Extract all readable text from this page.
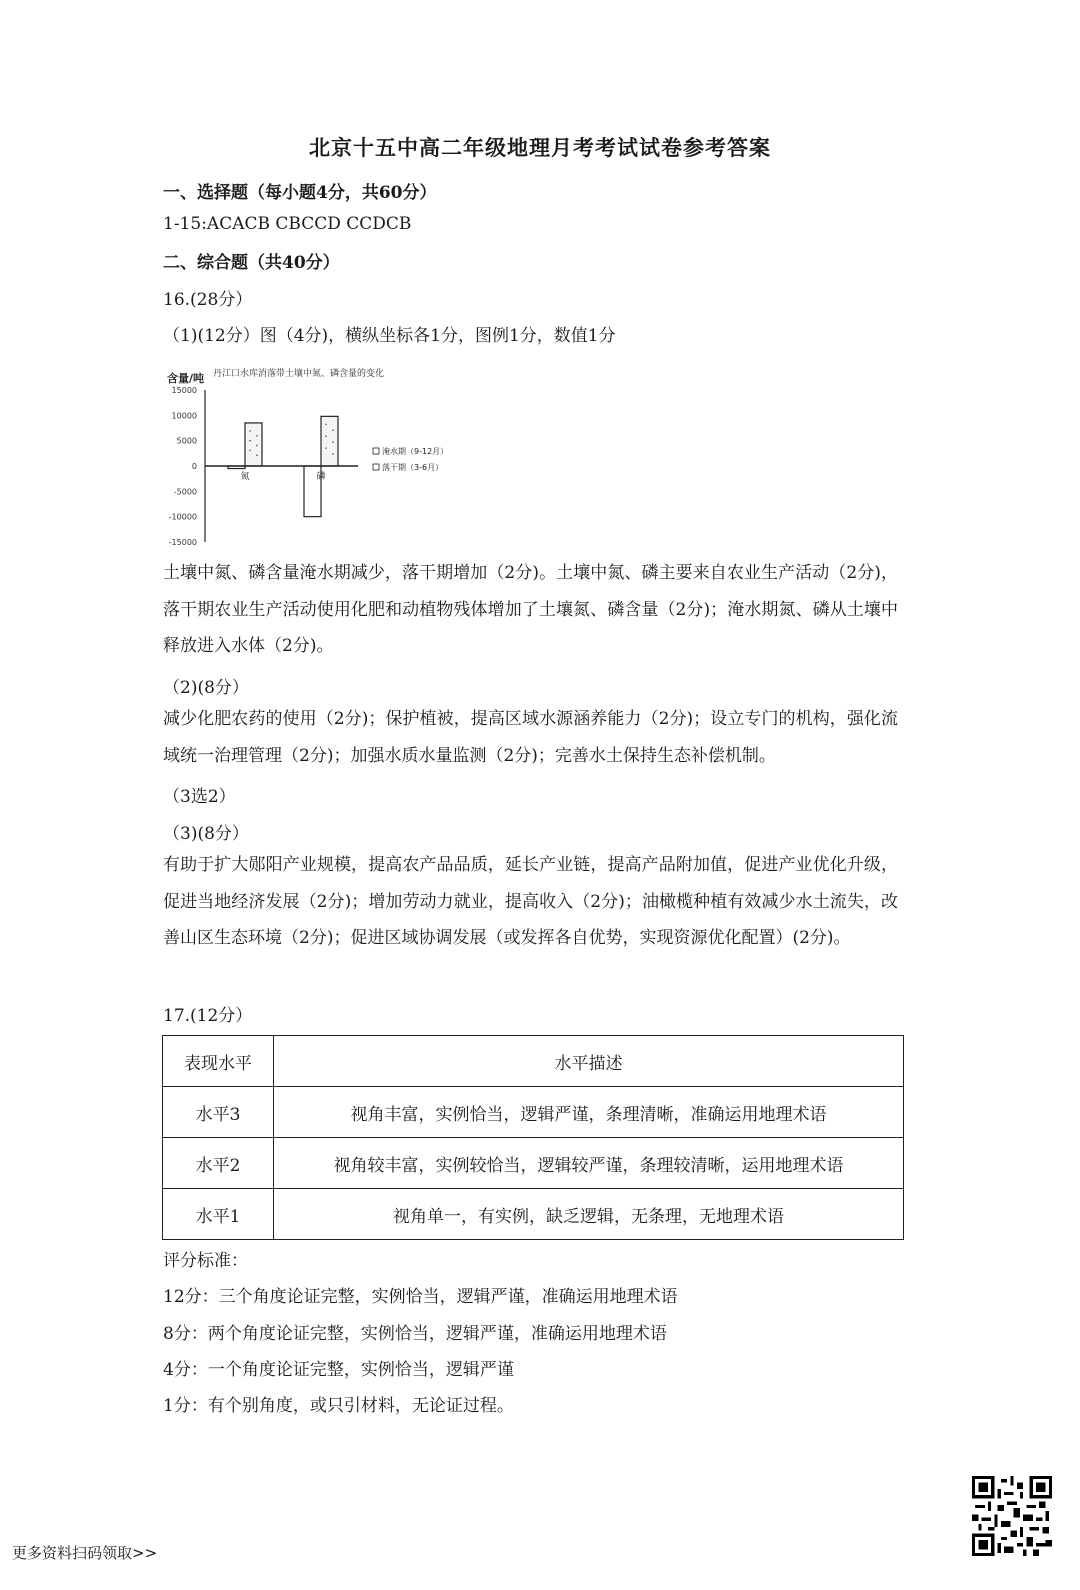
北京十五中高二年级地理月考考试试卷参考答案
一、选择题（每小题4分，共60分）
1-15:ACACB CBCCD CCDCB
二、综合题（共40分）
16.(28分）
（1)(12分）图（4分)，横纵坐标各1分，图例1分，数值1分
含量/吨 丹江口水库消落带土壤中氮、磷含量的变化
15000
10000
5000
0
-5000
-10000
-15000
氮	磷
淹水期（9-12月）
落干期（3-6月）
土壤中氮、磷含量淹水期减少，落干期增加（2分)。土壤中氮、磷主要来自农业生产活动（2分)，落干期农业生产活动使用化肥和动植物残体增加了土壤氮、磷含量（2分)；淹水期氮、磷从土壤中释放进入水体（2分)。
（2)(8分）
减少化肥农药的使用（2分)；保护植被，提高区域水源涵养能力（2分)；设立专门的机构，强化流域统一治理管理（2分)；加强水质水量监测（2分)；完善水土保持生态补偿机制。
（3选2）
（3)(8分）
有助于扩大郧阳产业规模，提高农产品品质，延长产业链，提高产品附加值，促进产业优化升级，促进当地经济发展（2分)；增加劳动力就业，提高收入（2分)；油橄榄种植有效减少水土流失，改善山区生态环境（2分)；促进区域协调发展（或发挥各自优势，实现资源优化配置）(2分)。
17.(12分）
表现水平	水平描述
水平3	视角丰富，实例恰当，逻辑严谨，条理清晰，准确运用地理术语
水平2	视角较丰富，实例较恰当，逻辑较严谨，条理较清晰，运用地理术语
水平1	视角单一，有实例，缺乏逻辑，无条理，无地理术语
评分标准：
12分：三个角度论证完整，实例恰当，逻辑严谨，准确运用地理术语
8分：两个角度论证完整，实例恰当，逻辑严谨，准确运用地理术语
4分：一个角度论证完整，实例恰当，逻辑严谨
1分：有个别角度，或只引材料，无论证过程。
更多资料扫码领取>>
